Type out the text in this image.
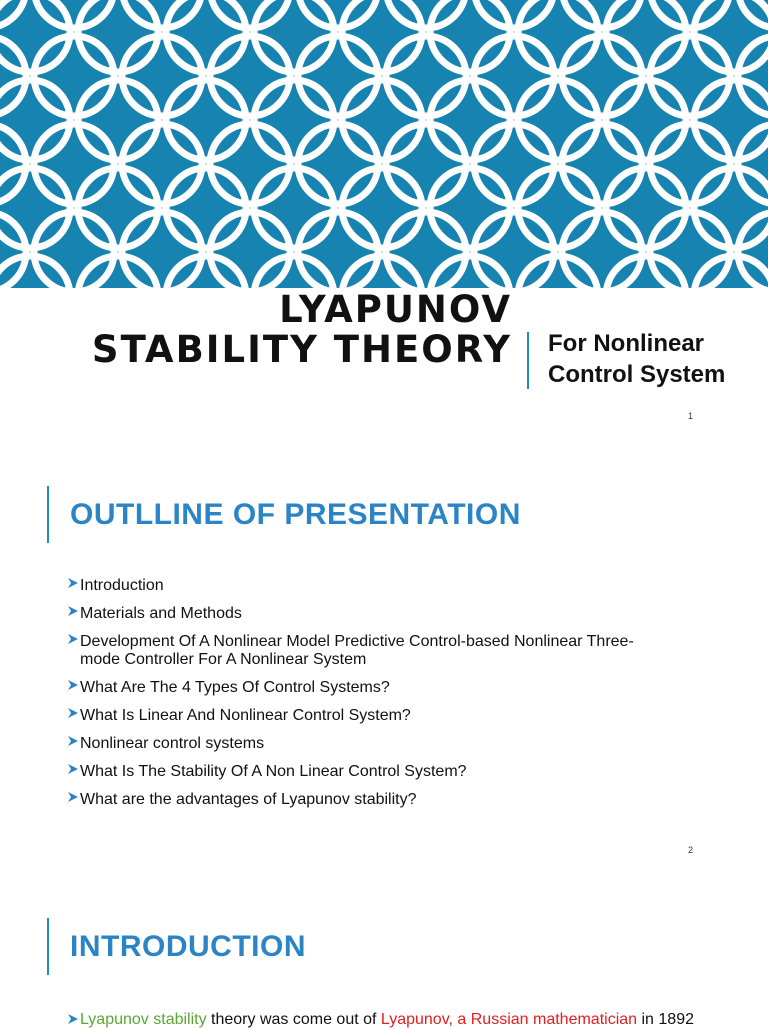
LYAPUNOV
STABILITY THEORY For Nonlinear
Control System
1
OUTLLINE OF PRESENTATION
Introduction
Materials and Methods
Development Of A Nonlinear Model Predictive Control-based Nonlinear Three-mode Controller For A Nonlinear System
What Are The 4 Types Of Control Systems?
What Is Linear And Nonlinear Control System?
Nonlinear control systems
What Is The Stability Of A Non Linear Control System?
What are the advantages of Lyapunov stability?
2
INTRODUCTION
Lyapunov stability theory was come out of Lyapunov, a Russian mathematician in 1892
